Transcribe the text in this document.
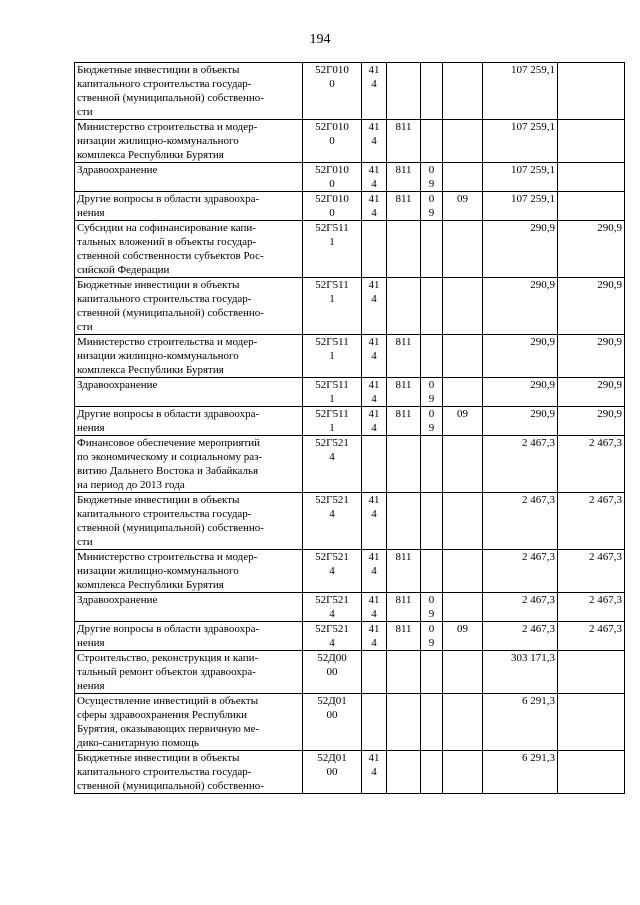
194
Бюджетные инвестиции в объекты
капитального строительства государ-
ственной (муниципальной) собственно-
сти	52Г010
0	41
4				107 259,1	

Министерство строительства и модер-
низации жилищно-коммунального
комплекса Республики Бурятия	52Г010
0	41
4	811			107 259,1	

Здравоохранение	52Г010
0	41
4	811	0
9		107 259,1	

Другие вопросы в области здравоохра-
нения	52Г010
0	41
4	811	0
9	09	107 259,1	

Субсидии на софинансирование капи-
тальных вложений в объекты государ-
ственной собственности субъектов Рос-
сийской Федерации	52Г511
1					290,9	290,9

Бюджетные инвестиции в объекты
капитального строительства государ-
ственной (муниципальной) собственно-
сти	52Г511
1	41
4				290,9	290,9

Министерство строительства и модер-
низации жилищно-коммунального
комплекса Республики Бурятия	52Г511
1	41
4	811			290,9	290,9

Здравоохранение	52Г511
1	41
4	811	0
9		290,9	290,9

Другие вопросы в области здравоохра-
нения	52Г511
1	41
4	811	0
9	09	290,9	290,9

Финансовое обеспечение мероприятий
по экономическому и социальному раз-
витию Дальнего Востока и Забайкалья
на период до 2013 года	52Г521
4					2 467,3	2 467,3

Бюджетные инвестиции в объекты
капитального строительства государ-
ственной (муниципальной) собственно-
сти	52Г521
4	41
4				2 467,3	2 467,3

Министерство строительства и модер-
низации жилищно-коммунального
комплекса Республики Бурятия	52Г521
4	41
4	811			2 467,3	2 467,3

Здравоохранение	52Г521
4	41
4	811	0
9		2 467,3	2 467,3

Другие вопросы в области здравоохра-
нения	52Г521
4	41
4	811	0
9	09	2 467,3	2 467,3

Строительство, реконструкция и капи-
тальный ремонт объектов здравоохра-
нения	52Д00
00					303 171,3	

Осуществление инвестиций в объекты
сферы здравоохранения Республики
Бурятия, оказывающих первичную ме-
дико-санитарную помощь	52Д01
00					6 291,3	

Бюджетные инвестиции в объекты
капитального строительства государ-
ственной (муниципальной) собственно-	52Д01
00	41
4				6 291,3	
